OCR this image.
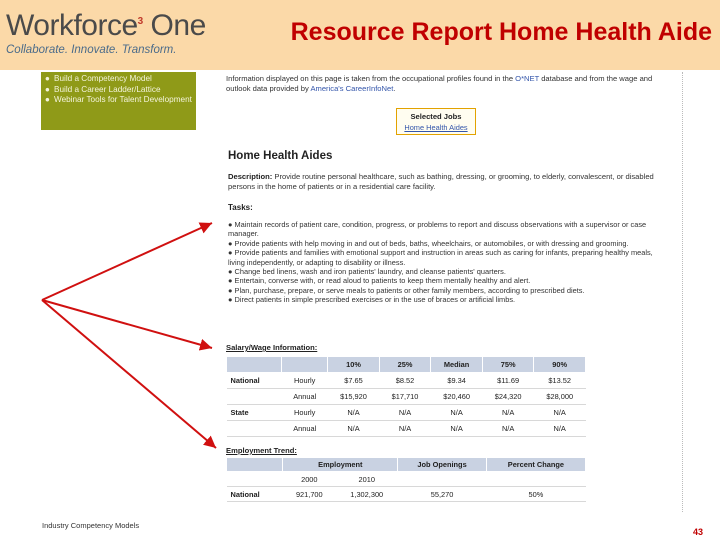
Workforce$^3$ One
Collaborate. Innovate. Transform.
Resource Report Home Health Aide
● Build a Competency Model
● Build a Career Ladder/Lattice
● Webinar Tools for Talent Development
Information displayed on this page is taken from the occupational profiles found in the O*NET database and from the wage and outlook data provided by America's CareerInfoNet.
Selected Jobs
Home Health Aides
Home Health Aides
Description: Provide routine personal healthcare, such as bathing, dressing, or grooming, to elderly, convalescent, or disabled persons in the home of patients or in a residential care facility.
Tasks:
● Maintain records of patient care, condition, progress, or problems to report and discuss observations with a supervisor or case manager.
● Provide patients with help moving in and out of beds, baths, wheelchairs, or automobiles, or with dressing and grooming.
● Provide patients and families with emotional support and instruction in areas such as caring for infants, preparing healthy meals, living independently, or adapting to disability or illness.
● Change bed linens, wash and iron patients' laundry, and cleanse patients' quarters.
● Entertain, converse with, or read aloud to patients to keep them mentally healthy and alert.
● Plan, purchase, prepare, or serve meals to patients or other family members, according to prescribed diets.
● Direct patients in simple prescribed exercises or in the use of braces or artificial limbs.
Salary/Wage Information:
		10%	25%	Median	75%	90%
National	Hourly	$7.65	$8.52	$9.34	$11.69	$13.52
	Annual	$15,920	$17,710	$20,460	$24,320	$28,000
State	Hourly	N/A	N/A	N/A	N/A	N/A
	Annual	N/A	N/A	N/A	N/A	N/A
Employment Trend:
	Employment		Job Openings	Percent Change
	2000	2010		
National	921,700	1,302,300	55,270	50%
Industry Competency Models
43
